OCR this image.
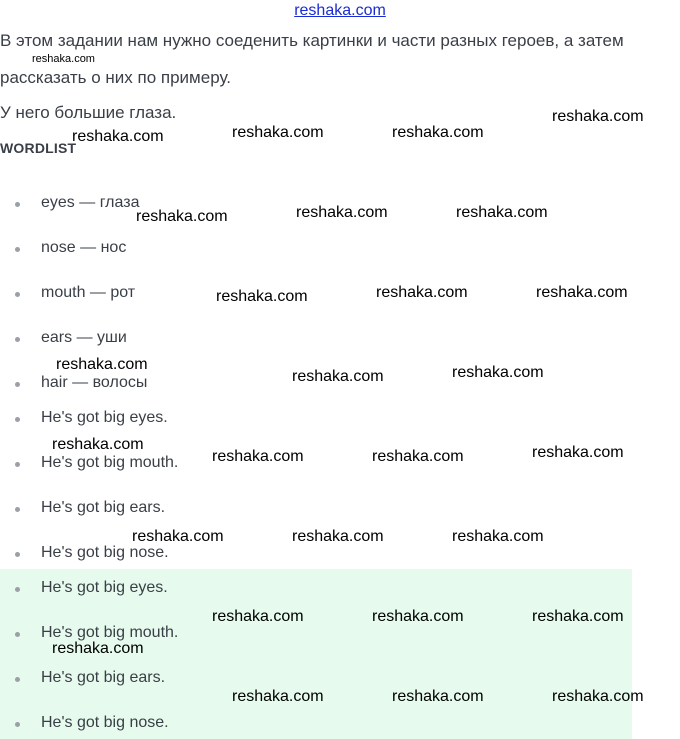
reshaka.com
В этом задании нам нужно соеденить картинки и части разных героев, а затем
рассказать о них по примеру.
У него большие глаза.
WORDLIST
eyes — глаза
nose — нос
mouth — рот
ears — уши
hair — волосы
He's got big eyes.
He's got big mouth.
He's got big ears.
He's got big nose.
He's got big eyes.
He's got big mouth.
He's got big ears.
He's got big nose.
reshaka.com
reshaka.com
reshaka.com	reshaka.com	reshaka.com
reshaka.com	reshaka.com	reshaka.com
reshaka.com	reshaka.com	reshaka.com
reshaka.com
reshaka.com	reshaka.com
reshaka.com
reshaka.com	reshaka.com	reshaka.com
reshaka.com	reshaka.com	reshaka.com
reshaka.com	reshaka.com	reshaka.com
reshaka.com
reshaka.com	reshaka.com	reshaka.com
